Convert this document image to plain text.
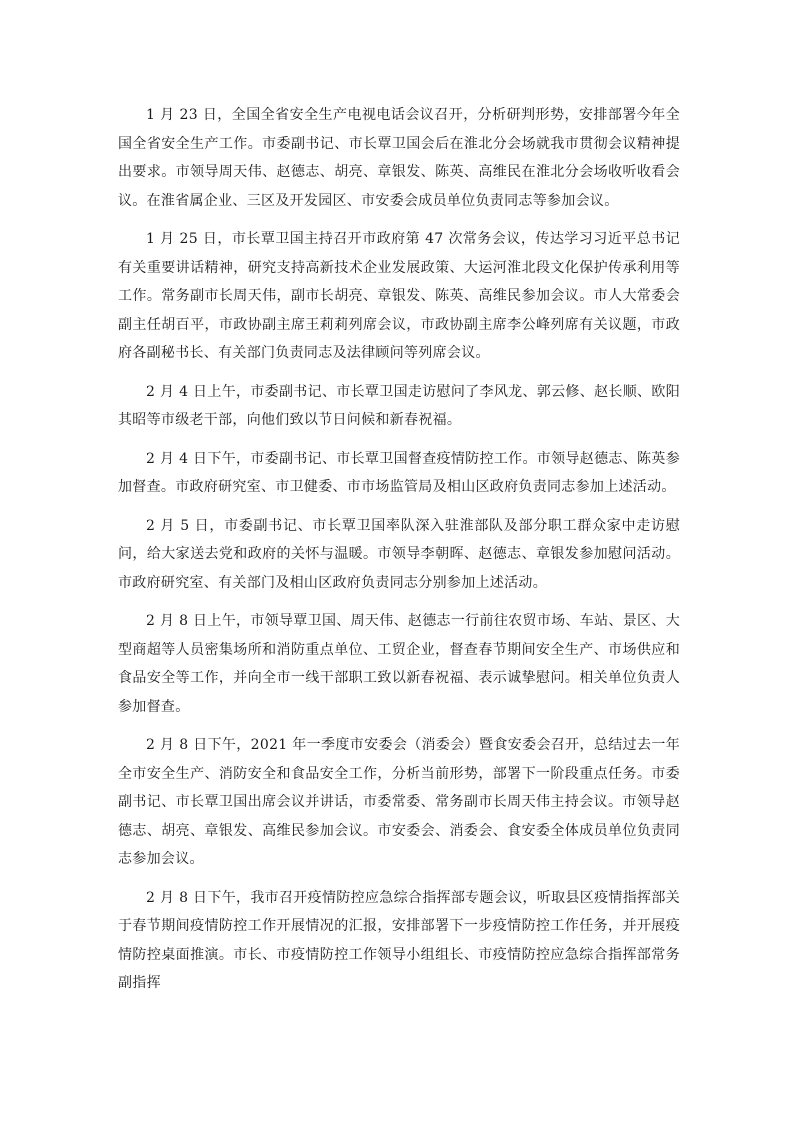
1 月 23 日，全国全省安全生产电视电话会议召开，分析研判形势，安排部署今年全国全省安全生产工作。市委副书记、市长覃卫国会后在淮北分会场就我市贯彻会议精神提出要求。市领导周天伟、赵德志、胡亮、章银发、陈英、高维民在淮北分会场收听收看会议。在淮省属企业、三区及开发园区、市安委会成员单位负责同志等参加会议。

1 月 25 日，市长覃卫国主持召开市政府第 47 次常务会议，传达学习习近平总书记有关重要讲话精神，研究支持高新技术企业发展政策、大运河淮北段文化保护传承利用等工作。常务副市长周天伟，副市长胡亮、章银发、陈英、高维民参加会议。市人大常委会副主任胡百平，市政协副主席王莉莉列席会议，市政协副主席李公峰列席有关议题，市政府各副秘书长、有关部门负责同志及法律顾问等列席会议。

2 月 4 日上午，市委副书记、市长覃卫国走访慰问了李风龙、郭云修、赵长顺、欧阳其昭等市级老干部，向他们致以节日问候和新春祝福。

2 月 4 日下午，市委副书记、市长覃卫国督查疫情防控工作。市领导赵德志、陈英参加督查。市政府研究室、市卫健委、市市场监管局及相山区政府负责同志参加上述活动。

2 月 5 日，市委副书记、市长覃卫国率队深入驻淮部队及部分职工群众家中走访慰问，给大家送去党和政府的关怀与温暖。市领导李朝晖、赵德志、章银发参加慰问活动。市政府研究室、有关部门及相山区政府负责同志分别参加上述活动。

2 月 8 日上午，市领导覃卫国、周天伟、赵德志一行前往农贸市场、车站、景区、大型商超等人员密集场所和消防重点单位、工贸企业，督查春节期间安全生产、市场供应和食品安全等工作，并向全市一线干部职工致以新春祝福、表示诚挚慰问。相关单位负责人参加督查。

2 月 8 日下午，2021 年一季度市安委会（消委会）暨食安委会召开，总结过去一年全市安全生产、消防安全和食品安全工作，分析当前形势，部署下一阶段重点任务。市委副书记、市长覃卫国出席会议并讲话，市委常委、常务副市长周天伟主持会议。市领导赵德志、胡亮、章银发、高维民参加会议。市安委会、消委会、食安委全体成员单位负责同志参加会议。

2 月 8 日下午，我市召开疫情防控应急综合指挥部专题会议，听取县区疫情指挥部关于春节期间疫情防控工作开展情况的汇报，安排部署下一步疫情防控工作任务，并开展疫情防控桌面推演。市长、市疫情防控工作领导小组组长、市疫情防控应急综合指挥部常务副指挥
